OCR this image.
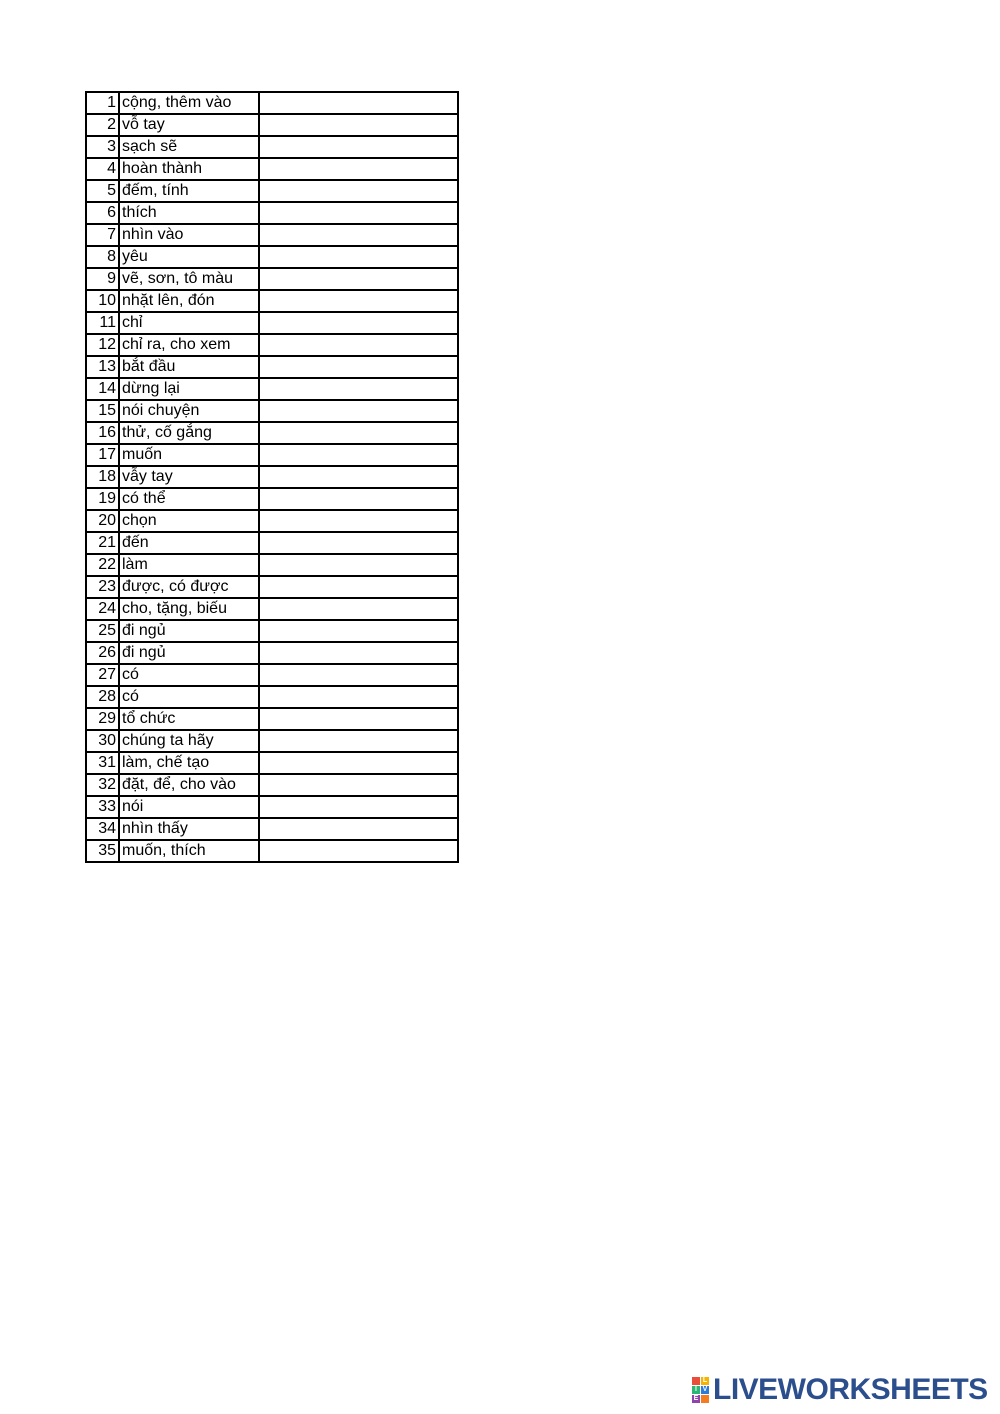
1	cộng, thêm vào	
2	vỗ tay	
3	sạch sẽ	
4	hoàn thành	
5	đếm, tính	
6	thích	
7	nhìn vào	
8	yêu	
9	vẽ, sơn, tô màu	
10	nhặt lên, đón	
11	chỉ	
12	chỉ ra, cho xem	
13	bắt đầu	
14	dừng lại	
15	nói chuyện	
16	thử, cố gắng	
17	muốn	
18	vẫy tay	
19	có thể	
20	chọn	
21	đến	
22	làm	
23	được, có được	
24	cho, tặng, biếu	
25	đi ngủ	
26	đi ngủ	
27	có	
28	có	
29	tổ chức	
30	chúng ta hãy	
31	làm, chế tạo	
32	đặt, để, cho vào	
33	nói	
34	nhìn thấy	
35	muốn, thích	
L
I V
E LIVEWORKSHEETS
